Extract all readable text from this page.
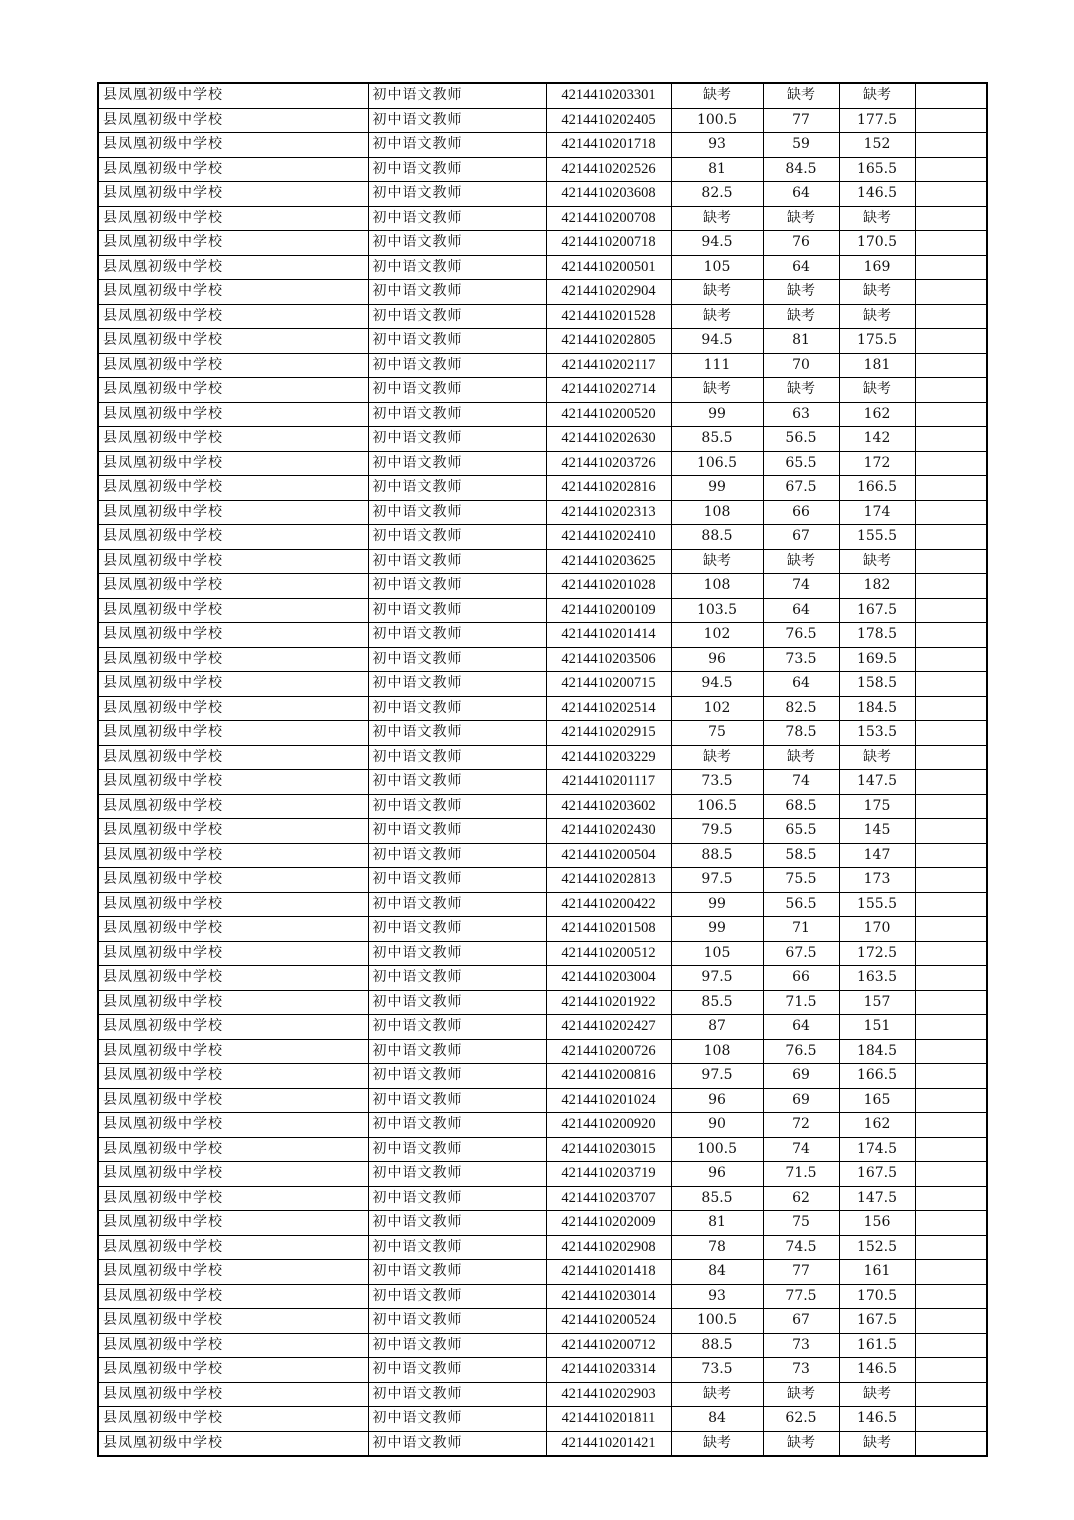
县凤凰初级中学校	初中语文教师	4214410203301	缺考	缺考	缺考	
县凤凰初级中学校	初中语文教师	4214410202405	100.5	77	177.5	
县凤凰初级中学校	初中语文教师	4214410201718	93	59	152	
县凤凰初级中学校	初中语文教师	4214410202526	81	84.5	165.5	
县凤凰初级中学校	初中语文教师	4214410203608	82.5	64	146.5	
县凤凰初级中学校	初中语文教师	4214410200708	缺考	缺考	缺考	
县凤凰初级中学校	初中语文教师	4214410200718	94.5	76	170.5	
县凤凰初级中学校	初中语文教师	4214410200501	105	64	169	
县凤凰初级中学校	初中语文教师	4214410202904	缺考	缺考	缺考	
县凤凰初级中学校	初中语文教师	4214410201528	缺考	缺考	缺考	
县凤凰初级中学校	初中语文教师	4214410202805	94.5	81	175.5	
县凤凰初级中学校	初中语文教师	4214410202117	111	70	181	
县凤凰初级中学校	初中语文教师	4214410202714	缺考	缺考	缺考	
县凤凰初级中学校	初中语文教师	4214410200520	99	63	162	
县凤凰初级中学校	初中语文教师	4214410202630	85.5	56.5	142	
县凤凰初级中学校	初中语文教师	4214410203726	106.5	65.5	172	
县凤凰初级中学校	初中语文教师	4214410202816	99	67.5	166.5	
县凤凰初级中学校	初中语文教师	4214410202313	108	66	174	
县凤凰初级中学校	初中语文教师	4214410202410	88.5	67	155.5	
县凤凰初级中学校	初中语文教师	4214410203625	缺考	缺考	缺考	
县凤凰初级中学校	初中语文教师	4214410201028	108	74	182	
县凤凰初级中学校	初中语文教师	4214410200109	103.5	64	167.5	
县凤凰初级中学校	初中语文教师	4214410201414	102	76.5	178.5	
县凤凰初级中学校	初中语文教师	4214410203506	96	73.5	169.5	
县凤凰初级中学校	初中语文教师	4214410200715	94.5	64	158.5	
县凤凰初级中学校	初中语文教师	4214410202514	102	82.5	184.5	
县凤凰初级中学校	初中语文教师	4214410202915	75	78.5	153.5	
县凤凰初级中学校	初中语文教师	4214410203229	缺考	缺考	缺考	
县凤凰初级中学校	初中语文教师	4214410201117	73.5	74	147.5	
县凤凰初级中学校	初中语文教师	4214410203602	106.5	68.5	175	
县凤凰初级中学校	初中语文教师	4214410202430	79.5	65.5	145	
县凤凰初级中学校	初中语文教师	4214410200504	88.5	58.5	147	
县凤凰初级中学校	初中语文教师	4214410202813	97.5	75.5	173	
县凤凰初级中学校	初中语文教师	4214410200422	99	56.5	155.5	
县凤凰初级中学校	初中语文教师	4214410201508	99	71	170	
县凤凰初级中学校	初中语文教师	4214410200512	105	67.5	172.5	
县凤凰初级中学校	初中语文教师	4214410203004	97.5	66	163.5	
县凤凰初级中学校	初中语文教师	4214410201922	85.5	71.5	157	
县凤凰初级中学校	初中语文教师	4214410202427	87	64	151	
县凤凰初级中学校	初中语文教师	4214410200726	108	76.5	184.5	
县凤凰初级中学校	初中语文教师	4214410200816	97.5	69	166.5	
县凤凰初级中学校	初中语文教师	4214410201024	96	69	165	
县凤凰初级中学校	初中语文教师	4214410200920	90	72	162	
县凤凰初级中学校	初中语文教师	4214410203015	100.5	74	174.5	
县凤凰初级中学校	初中语文教师	4214410203719	96	71.5	167.5	
县凤凰初级中学校	初中语文教师	4214410203707	85.5	62	147.5	
县凤凰初级中学校	初中语文教师	4214410202009	81	75	156	
县凤凰初级中学校	初中语文教师	4214410202908	78	74.5	152.5	
县凤凰初级中学校	初中语文教师	4214410201418	84	77	161	
县凤凰初级中学校	初中语文教师	4214410203014	93	77.5	170.5	
县凤凰初级中学校	初中语文教师	4214410200524	100.5	67	167.5	
县凤凰初级中学校	初中语文教师	4214410200712	88.5	73	161.5	
县凤凰初级中学校	初中语文教师	4214410203314	73.5	73	146.5	
县凤凰初级中学校	初中语文教师	4214410202903	缺考	缺考	缺考	
县凤凰初级中学校	初中语文教师	4214410201811	84	62.5	146.5	
县凤凰初级中学校	初中语文教师	4214410201421	缺考	缺考	缺考	
